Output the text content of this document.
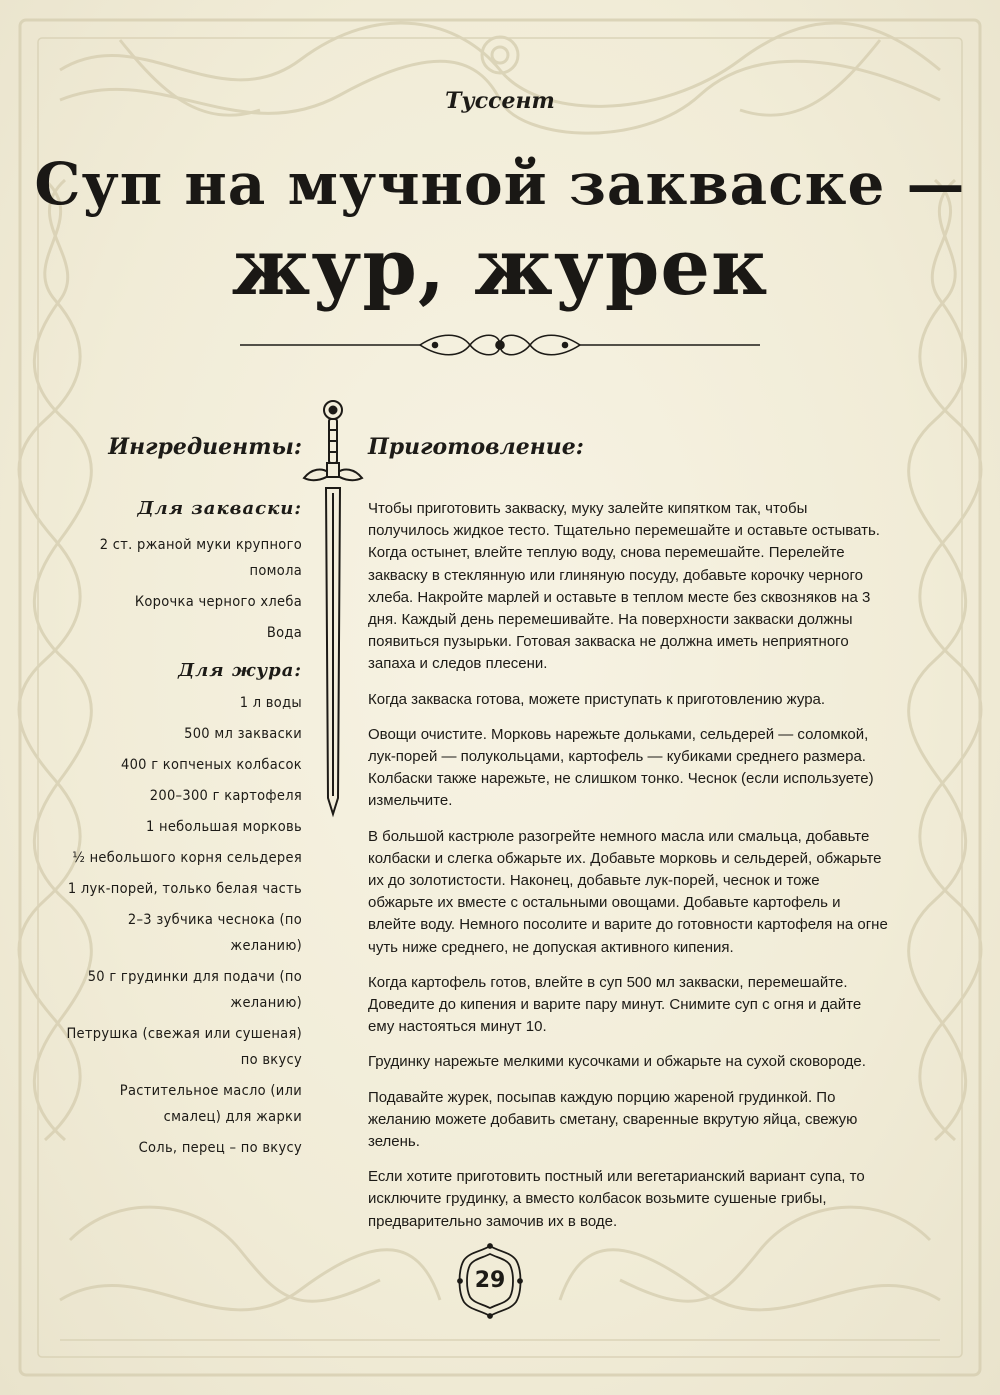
Туссент
Суп на мучной закваске —
жур, журек
Ингредиенты:
Для закваски:

2 ст. ржаной муки крупного помола

Корочка черного хлеба

Вода

Для жура:

1 л воды

500 мл закваски

400 г копченых колбасок

200–300 г картофеля

1 небольшая морковь

½ небольшого корня сельдерея

1 лук-порей, только белая часть

2–3 зубчика чеснока (по желанию)

50 г грудинки для подачи (по желанию)

Петрушка (свежая или сушеная) по вкусу

Растительное масло (или смалец) для жарки

Соль, перец – по вкусу

Приготовление:

Чтобы приготовить закваску, муку залейте кипятком так, чтобы получилось жидкое тесто. Тщательно перемешайте и оставьте остывать. Когда остынет, влейте теплую воду, снова перемешайте. Перелейте закваску в стеклянную или глиняную посуду, добавьте корочку черного хлеба. Накройте марлей и оставьте в теплом месте без сквозняков на 3 дня. Каждый день перемешивайте. На поверхности закваски должны появиться пузырьки. Готовая закваска не должна иметь неприятного запаха и следов плесени.

Когда закваска готова, можете приступать к приготовлению жура.

Овощи очистите. Морковь нарежьте дольками, сельдерей — соломкой, лук-порей — полукольцами, картофель — кубиками среднего размера. Колбаски также нарежьте, не слишком тонко. Чеснок (если используете) измельчите.

В большой кастрюле разогрейте немного масла или смальца, добавьте колбаски и слегка обжарьте их. Добавьте морковь и сельдерей, обжарьте их до золотистости. Наконец, добавьте лук-порей, чеснок и тоже обжарьте их вместе с остальными овощами. Добавьте картофель и влейте воду. Немного посолите и варите до готовности картофеля на огне чуть ниже среднего, не допуская активного кипения.

Когда картофель готов, влейте в суп 500 мл закваски, перемешайте. Доведите до кипения и варите пару минут. Снимите суп с огня и дайте ему настояться минут 10.

Грудинку нарежьте мелкими кусочками и обжарьте на сухой сковороде.

Подавайте журек, посыпав каждую порцию жареной грудинкой. По желанию можете добавить сметану, сваренные вкрутую яйца, свежую зелень.

Если хотите приготовить постный или вегетарианский вариант супа, то исключите грудинку, а вместо колбасок возьмите сушеные грибы, предварительно замочив их в воде.

29
